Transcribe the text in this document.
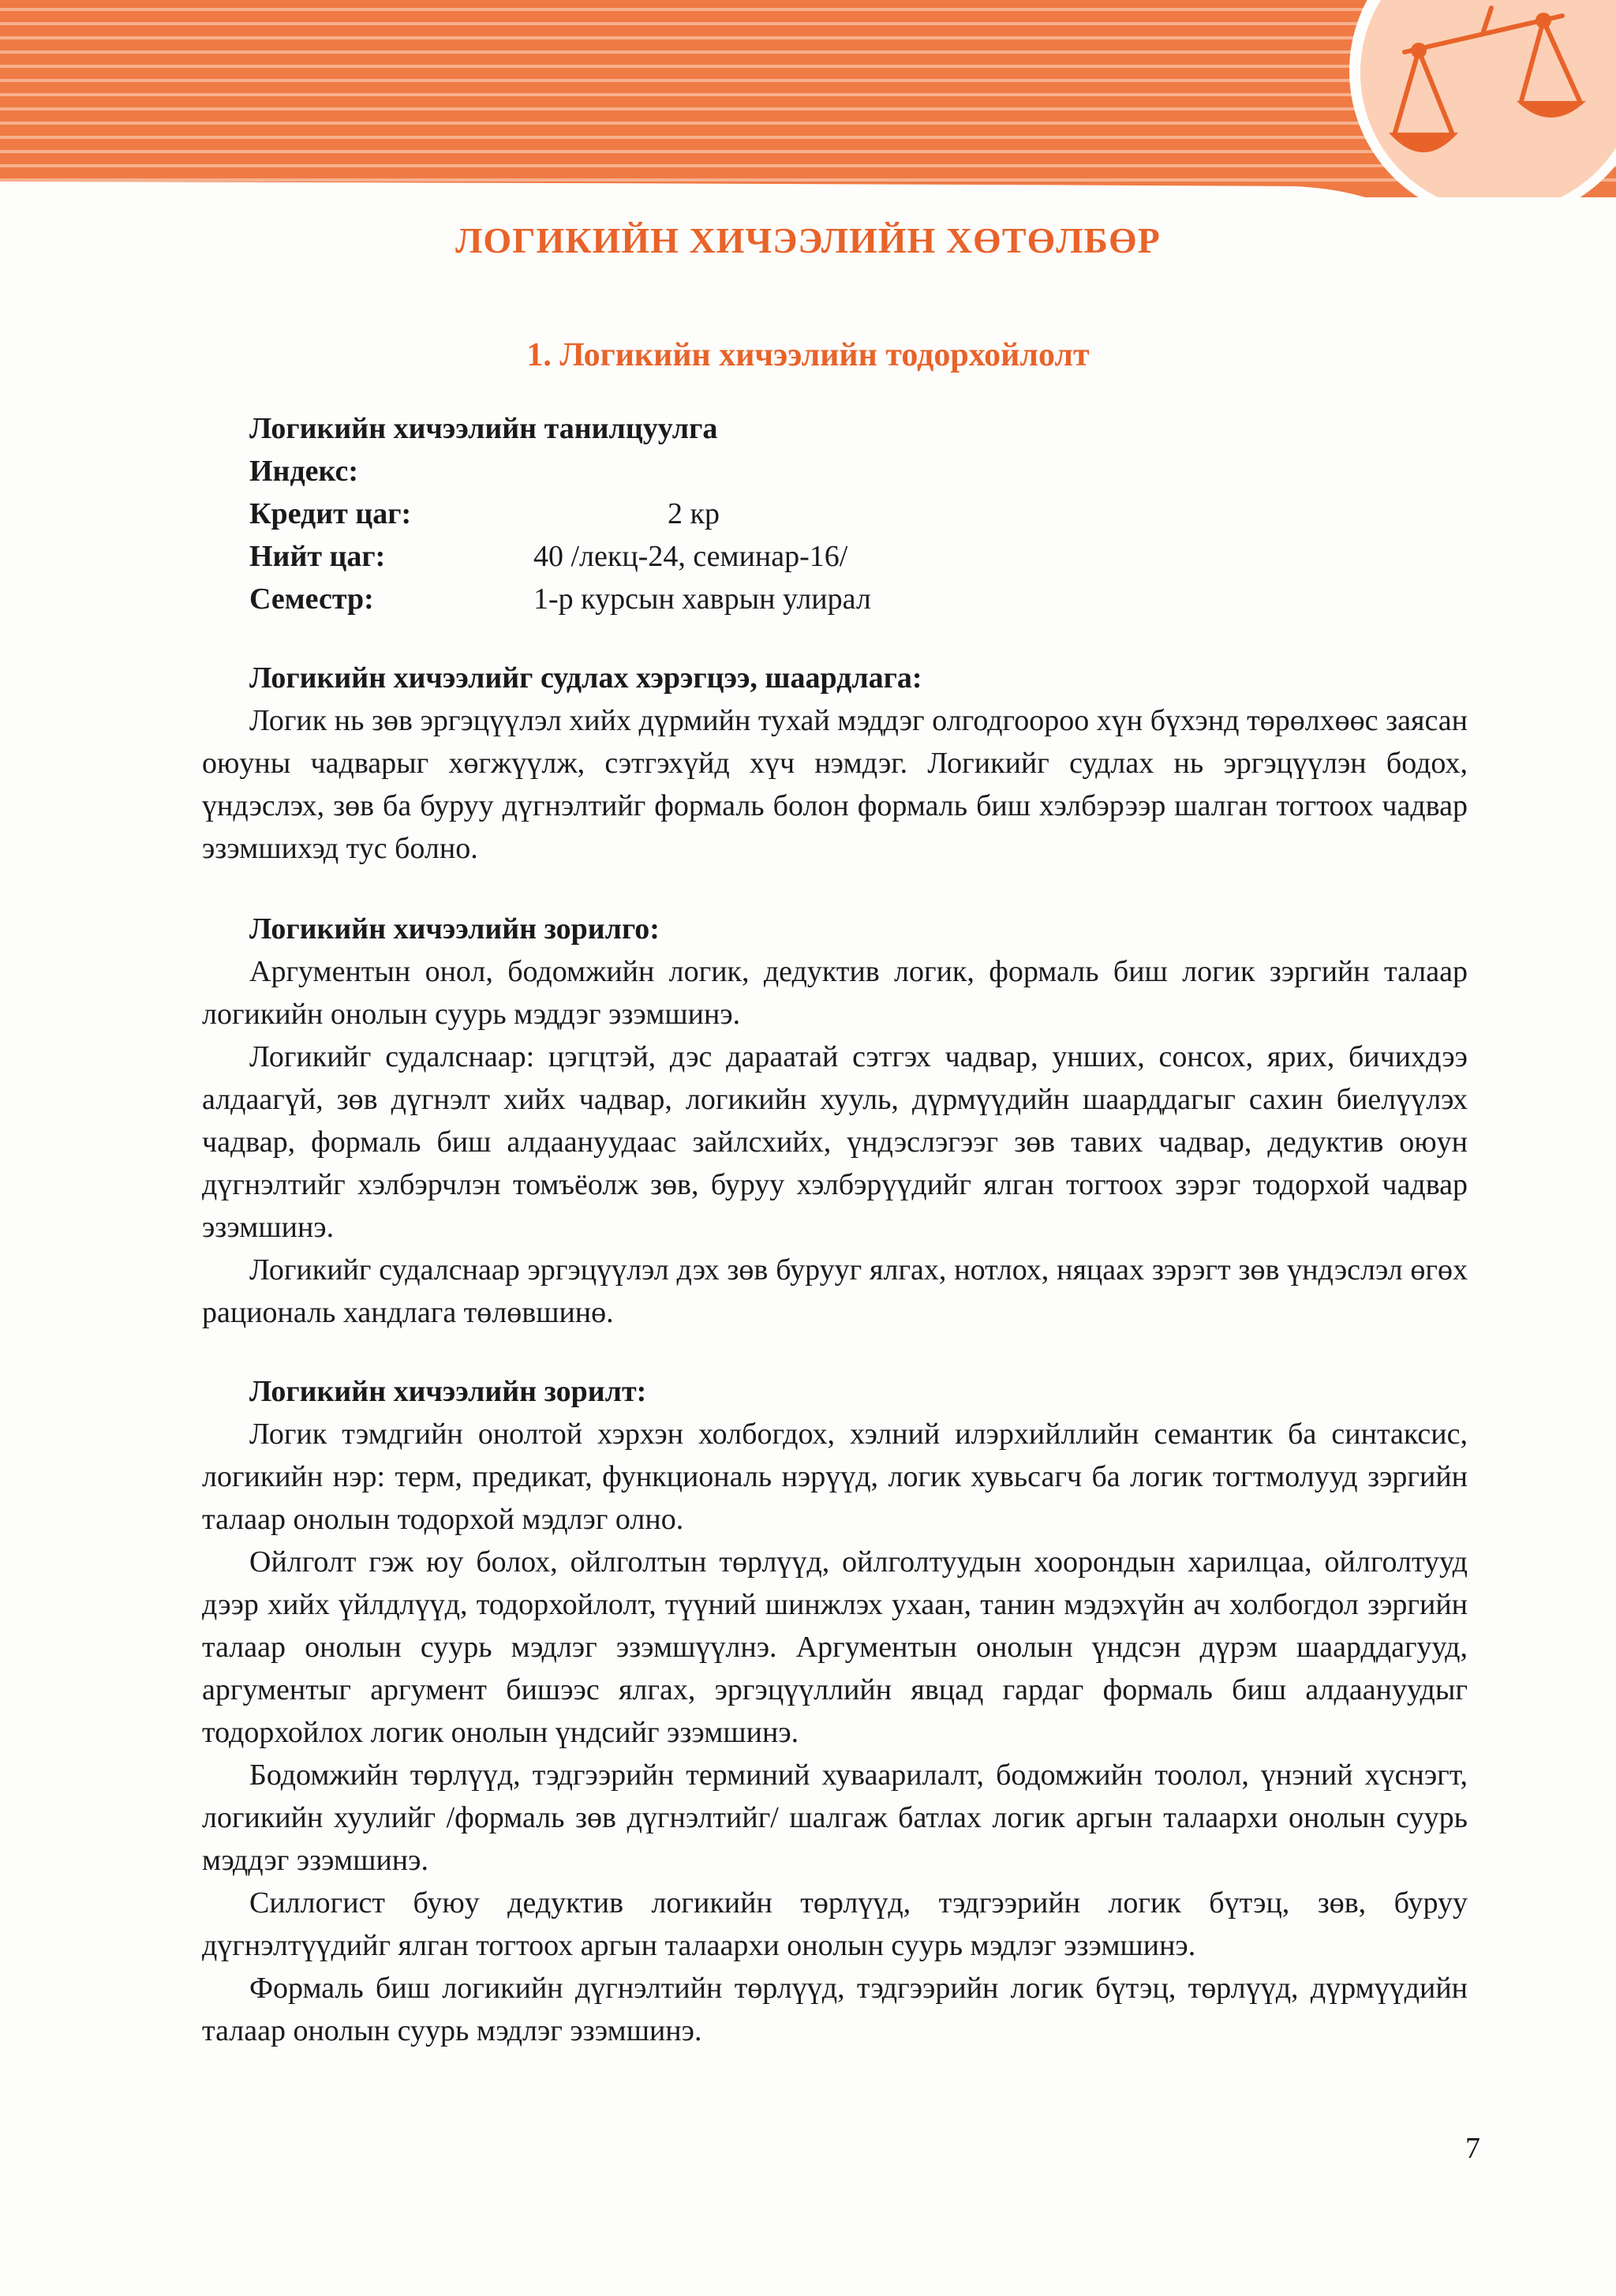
ЛОГИКИЙН ХИЧЭЭЛИЙН ХӨТӨЛБӨР
1. Логикийн хичээлийн тодорхойлолт

Логикийн хичээлийн танилцуулга

Индекс:
Кредит цаг:	2 кр
Нийт цаг:	40 /лекц-24, семинар-16/
Семестр:	1-р курсын хаврын улирал

Логикийн хичээлийг судлах хэрэгцээ, шаардлага:

Логик нь зөв эргэцүүлэл хийх дүрмийн тухай мэддэг олгодгоороо хүн бүхэнд төрөлхөөс заясан оюуны чадварыг хөгжүүлж, сэтгэхүйд хүч нэмдэг. Логикийг судлах нь эргэцүүлэн бодох, үндэслэх, зөв ба буруу дүгнэлтийг формаль болон формаль биш хэлбэрээр шалган тогтоох чадвар эзэмшихэд тус болно.

Логикийн хичээлийн зорилго:

Аргументын онол, бодомжийн логик, дедуктив логик, формаль биш логик зэргийн талаар логикийн онолын суурь мэддэг эзэмшинэ.

Логикийг судалснаар: цэгцтэй, дэс дараатай сэтгэх чадвар, унших, сонсох, ярих, бичихдээ алдаагүй, зөв дүгнэлт хийх чадвар, логикийн хууль, дүрмүүдийн шаарддагыг сахин биелүүлэх чадвар, формаль биш алдаануудаас зайлсхийх, үндэслэгээг зөв тавих чадвар, дедуктив оюун дүгнэлтийг хэлбэрчлэн томъёолж зөв, буруу хэлбэрүүдийг ялган тогтоох зэрэг тодорхой чадвар эзэмшинэ.

Логикийг судалснаар эргэцүүлэл дэх зөв бурууг ялгах, нотлох, няцаах зэрэгт зөв үндэслэл өгөх рациональ хандлага төлөвшинө.

Логикийн хичээлийн зорилт:

Логик тэмдгийн онолтой хэрхэн холбогдох, хэлний илэрхийллийн семантик ба синтаксис, логикийн нэр: терм, предикат, функциональ нэрүүд, логик хувьсагч ба логик тогтмолууд зэргийн талаар онолын тодорхой мэдлэг олно.

Ойлголт гэж юу болох, ойлголтын төрлүүд, ойлголтуудын хоорондын харилцаа, ойлголтууд дээр хийх үйлдлүүд, тодорхойлолт, түүний шинжлэх ухаан, танин мэдэхүйн ач холбогдол зэргийн талаар онолын суурь мэдлэг эзэмшүүлнэ. Аргументын онолын үндсэн дүрэм шаарддагууд, аргументыг аргумент бишээс ялгах, эргэцүүллийн явцад гардаг формаль биш алдаануудыг тодорхойлох логик онолын үндсийг эзэмшинэ.

Бодомжийн төрлүүд, тэдгээрийн терминий хуваарилалт, бодомжийн тоолол, үнэний хүснэгт, логикийн хуулийг /формаль зөв дүгнэлтийг/ шалгаж батлах логик аргын талаархи онолын суурь мэддэг эзэмшинэ.

Силлогист буюу дедуктив логикийн төрлүүд, тэдгээрийн логик бүтэц, зөв, буруу дүгнэлтүүдийг ялган тогтоох аргын талаархи онолын суурь мэдлэг эзэмшинэ.

Формаль биш логикийн дүгнэлтийн төрлүүд, тэдгээрийн логик бүтэц, төрлүүд, дүрмүүдийн талаар онолын суурь мэдлэг эзэмшинэ.

7
